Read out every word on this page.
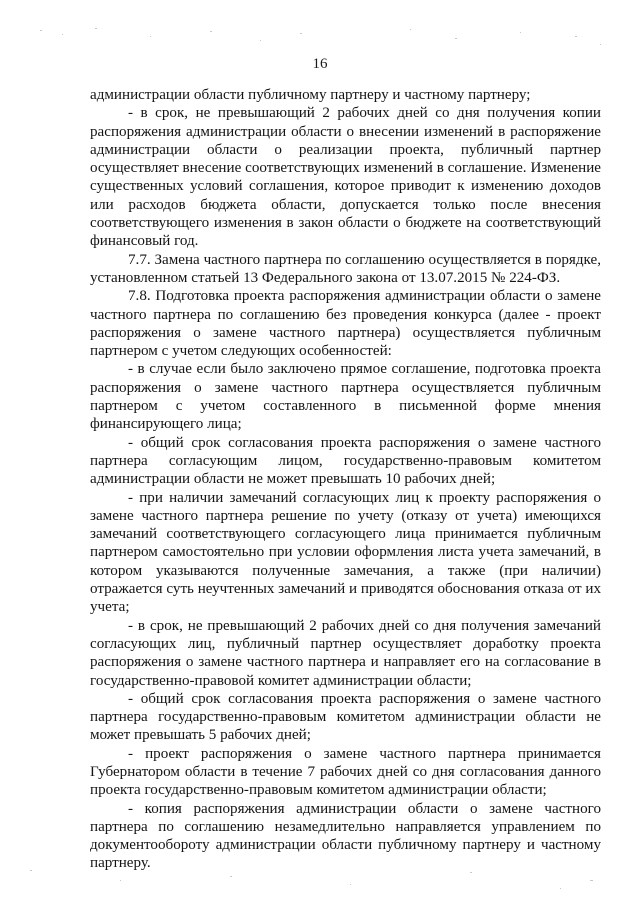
16

администрации области публичному партнеру и частному партнеру;

- в срок, не превышающий 2 рабочих дней со дня получения копии распоряжения администрации области о внесении изменений в распоряжение администрации области о реализации проекта, публичный партнер осуществляет внесение соответствующих изменений в соглашение. Изменение существенных условий соглашения, которое приводит к изменению доходов или расходов бюджета области, допускается только после внесения соответствующего изменения в закон области о бюджете на соответствующий финансовый год.

7.7. Замена частного партнера по соглашению осуществляется в порядке, установленном статьей 13 Федерального закона от 13.07.2015 № 224-ФЗ.

7.8. Подготовка проекта распоряжения администрации области о замене частного партнера по соглашению без проведения конкурса (далее - проект распоряжения о замене частного партнера) осуществляется публичным партнером с учетом следующих особенностей:

- в случае если было заключено прямое соглашение, подготовка проекта распоряжения о замене частного партнера осуществляется публичным партнером с учетом составленного в письменной форме мнения финансирующего лица;

- общий срок согласования проекта распоряжения о замене частного партнера согласующим лицом, государственно-правовым комитетом администрации области не может превышать 10 рабочих дней;

- при наличии замечаний согласующих лиц к проекту распоряжения о замене частного партнера решение по учету (отказу от учета) имеющихся замечаний соответствующего согласующего лица принимается публичным партнером самостоятельно при условии оформления листа учета замечаний, в котором указываются полученные замечания, а также (при наличии) отражается суть неучтенных замечаний и приводятся обоснования отказа от их учета;

- в срок, не превышающий 2 рабочих дней со дня получения замечаний согласующих лиц, публичный партнер осуществляет доработку проекта распоряжения о замене частного партнера и направляет его на согласование в государственно-правовой комитет администрации области;

- общий срок согласования проекта распоряжения о замене частного партнера государственно-правовым комитетом администрации области не может превышать 5 рабочих дней;

- проект распоряжения о замене частного партнера принимается Губернатором области в течение 7 рабочих дней со дня согласования данного проекта государственно-правовым комитетом администрации области;

- копия распоряжения администрации области о замене частного партнера по соглашению незамедлительно направляется управлением по документообороту администрации области публичному партнеру и частному партнеру.
